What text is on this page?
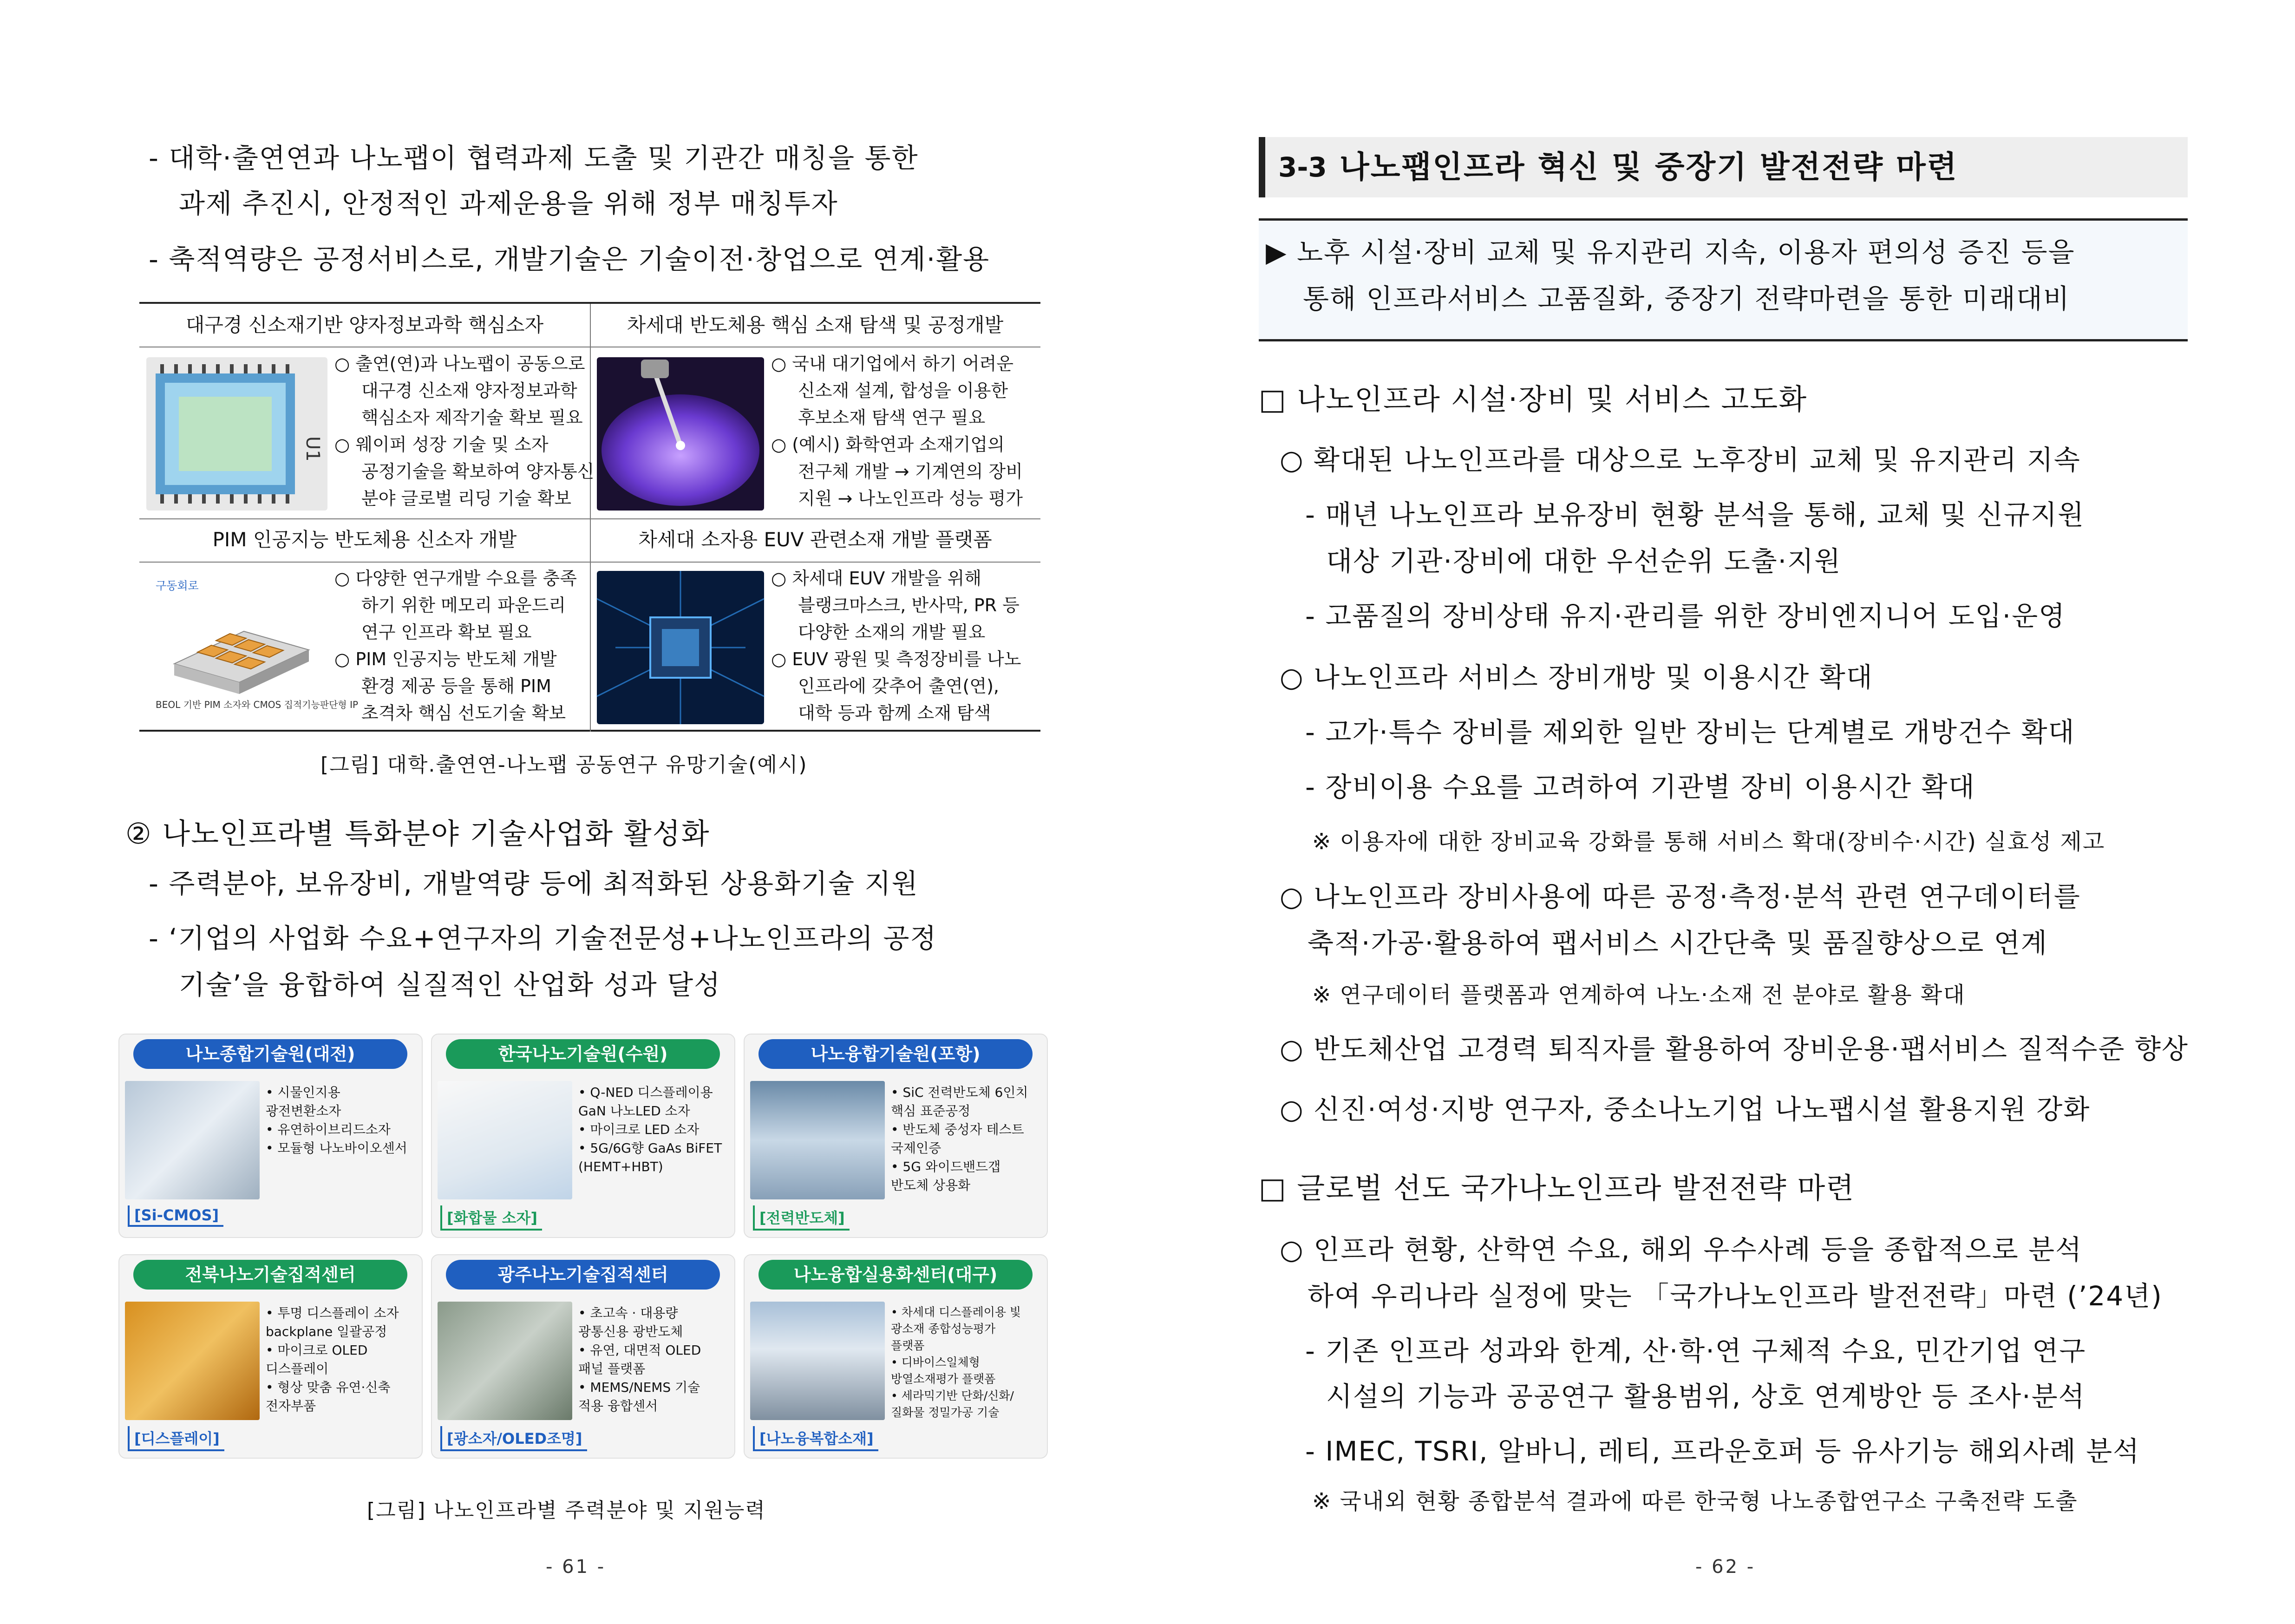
- 대학·출연연과 나노팹이 협력과제 도출 및 기관간 매칭을 통한
과제 추진시, 안정적인 과제운용을 위해 정부 매칭투자
- 축적역량은 공정서비스로, 개발기술은 기술이전·창업으로 연계·활용
대구경 신소재기반 양자정보과학 핵심소자	차세대 반도체용 핵심 소재 탐색 및 공정개발
PIM 인공지능 반도체용 신소자 개발	차세대 소자용 EUV 관련소재 개발 플랫폼
U1
○ 출연(연)과 나노팹이 공동으로
대구경 신소재 양자정보과학
핵심소자 제작기술 확보 필요
○ 웨이퍼 성장 기술 및 소자
공정기술을 확보하여 양자통신
분야 글로벌 리딩 기술 확보
○ 국내 대기업에서 하기 어려운
신소재 설계, 합성을 이용한
후보소재 탐색 연구 필요
○ (예시) 화학연과 소재기업의
전구체 개발 → 기계연의 장비
지원 → 나노인프라 성능 평가
구동회로
BEOL 기반 PIM 소자와 CMOS 집적기능판단형 IP
○ 다양한 연구개발 수요를 충족
하기 위한 메모리 파운드리
연구 인프라 확보 필요
○ PIM 인공지능 반도체 개발
환경 제공 등을 통해 PIM
초격차 핵심 선도기술 확보
○ 차세대 EUV 개발을 위해
블랭크마스크, 반사막, PR 등
다양한 소재의 개발 필요
○ EUV 광원 및 측정장비를 나노
인프라에 갖추어 출연(연),
대학 등과 함께 소재 탐색
[그림] 대학.출연연-나노팹 공동연구 유망기술(예시)
② 나노인프라별 특화분야 기술사업화 활성화
- 주력분야, 보유장비, 개발역량 등에 최적화된 상용화기술 지원
- ‘기업의 사업화 수요+연구자의 기술전문성+나노인프라의 공정
기술’을 융합하여 실질적인 산업화 성과 달성
나노종합기술원(대전)
• 시물인지용
광전변환소자
• 유연하이브리드소자
• 모듈형 나노바이오센서
[Si-CMOS]
한국나노기술원(수원)
• Q-NED 디스플레이용
GaN 나노LED 소자
• 마이크로 LED 소자
• 5G/6G향 GaAs BiFET
(HEMT+HBT)
[화합물 소자]
나노융합기술원(포항)
• SiC 전력반도체 6인치
핵심 표준공정
• 반도체 중성자 테스트
국제인증
• 5G 와이드밴드갭
반도체 상용화
[전력반도체]
전북나노기술집적센터
• 투명 디스플레이 소자
backplane 일괄공정
• 마이크로 OLED
디스플레이
• 형상 맞춤 유연·신축
전자부품
[디스플레이]
광주나노기술집적센터
• 초고속 · 대용량
광통신용 광반도체
• 유연, 대면적 OLED
패널 플랫폼
• MEMS/NEMS 기술
적용 융합센서
[광소자/OLED조명]
나노융합실용화센터(대구)
• 차세대 디스플레이용 빛
광소재 종합성능평가
플랫폼
• 디바이스일체형
방열소재평가 플랫폼
• 세라믹기반 단화/신화/
질화물 정밀가공 기술
[나노융복합소재]
[그림] 나노인프라별 주력분야 및 지원능력
- 61 -
3-3 나노팹인프라 혁신 및 중장기 발전전략 마련
▶ 노후 시설·장비 교체 및 유지관리 지속, 이용자 편의성 증진 등을
통해 인프라서비스 고품질화, 중장기 전략마련을 통한 미래대비
□ 나노인프라 시설·장비 및 서비스 고도화
○ 확대된 나노인프라를 대상으로 노후장비 교체 및 유지관리 지속
- 매년 나노인프라 보유장비 현황 분석을 통해, 교체 및 신규지원
대상 기관·장비에 대한 우선순위 도출·지원
- 고품질의 장비상태 유지·관리를 위한 장비엔지니어 도입·운영
○ 나노인프라 서비스 장비개방 및 이용시간 확대
- 고가·특수 장비를 제외한 일반 장비는 단계별로 개방건수 확대
- 장비이용 수요를 고려하여 기관별 장비 이용시간 확대
※ 이용자에 대한 장비교육 강화를 통해 서비스 확대(장비수·시간) 실효성 제고
○ 나노인프라 장비사용에 따른 공정·측정·분석 관련 연구데이터를
축적·가공·활용하여 팹서비스 시간단축 및 품질향상으로 연계
※ 연구데이터 플랫폼과 연계하여 나노·소재 전 분야로 활용 확대
○ 반도체산업 고경력 퇴직자를 활용하여 장비운용·팹서비스 질적수준 향상
○ 신진·여성·지방 연구자, 중소나노기업 나노팹시설 활용지원 강화
□ 글로벌 선도 국가나노인프라 발전전략 마련
○ 인프라 현황, 산학연 수요, 해외 우수사례 등을 종합적으로 분석
하여 우리나라 실정에 맞는 「국가나노인프라 발전전략」마련 (’24년)
- 기존 인프라 성과와 한계, 산·학·연 구체적 수요, 민간기업 연구
시설의 기능과 공공연구 활용범위, 상호 연계방안 등 조사·분석
- IMEC, TSRI, 알바니, 레티, 프라운호퍼 등 유사기능 해외사례 분석
※ 국내외 현황 종합분석 결과에 따른 한국형 나노종합연구소 구축전략 도출
- 62 -
